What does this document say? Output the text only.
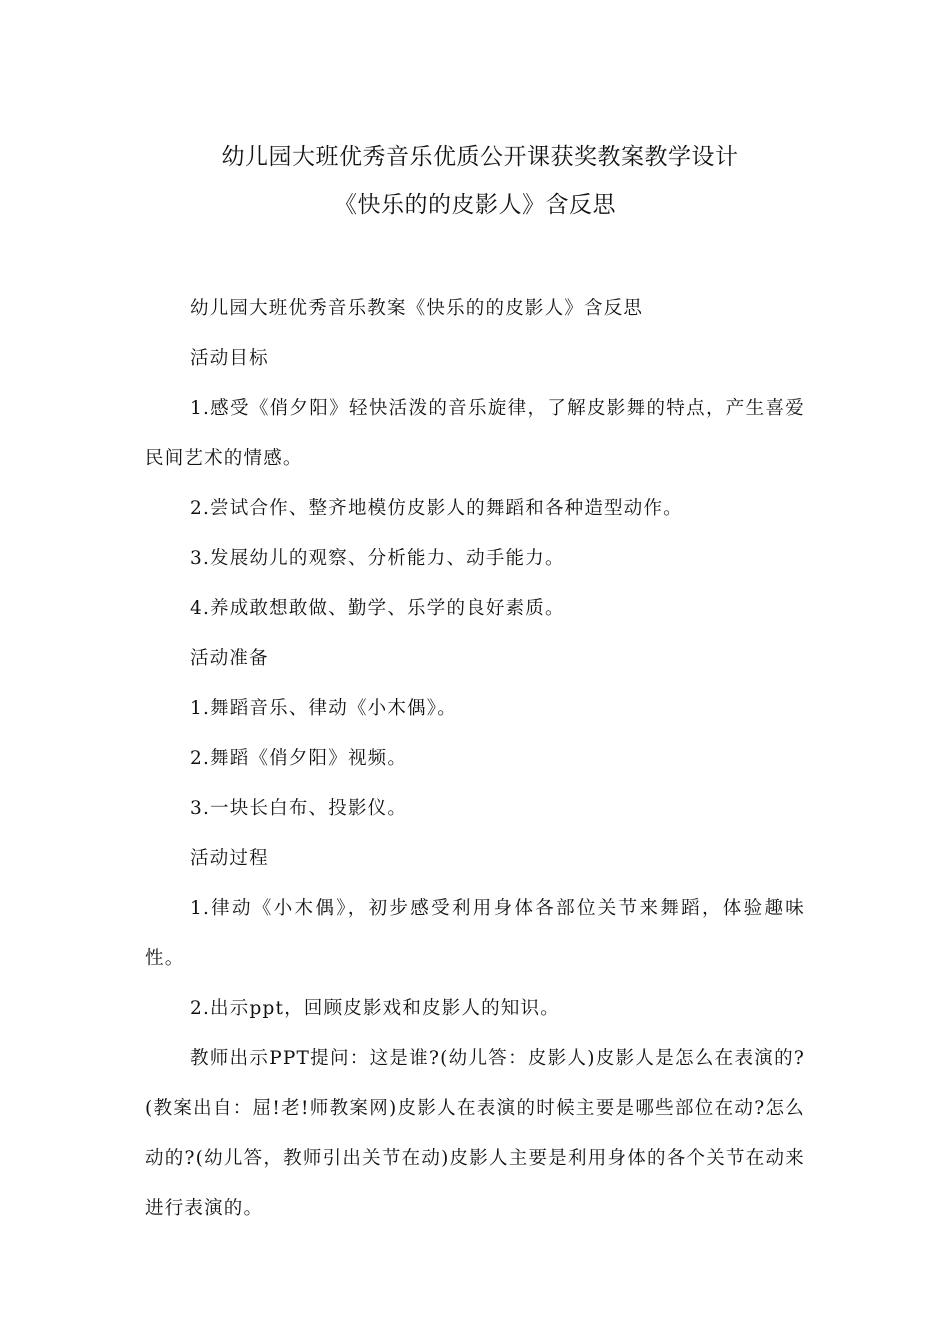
幼儿园大班优秀音乐优质公开课获奖教案教学设计
《快乐的的皮影人》含反思

幼儿园大班优秀音乐教案《快乐的的皮影人》含反思

活动目标

1.感受《俏夕阳》轻快活泼的音乐旋律，了解皮影舞的特点，产生喜爱民间艺术的情感。

2.尝试合作、整齐地模仿皮影人的舞蹈和各种造型动作。

3.发展幼儿的观察、分析能力、动手能力。

4.养成敢想敢做、勤学、乐学的良好素质。

活动准备

1.舞蹈音乐、律动《小木偶》。

2.舞蹈《俏夕阳》视频。

3.一块长白布、投影仪。

活动过程

1.律动《小木偶》，初步感受利用身体各部位关节来舞蹈，体验趣味性。

2.出示ppt，回顾皮影戏和皮影人的知识。

教师出示PPT提问：这是谁?(幼儿答：皮影人)皮影人是怎么在表演的?(教案出自：屈!老!师教案网)皮影人在表演的时候主要是哪些部位在动?怎么动的?(幼儿答，教师引出关节在动)皮影人主要是利用身体的各个关节在动来进行表演的。
